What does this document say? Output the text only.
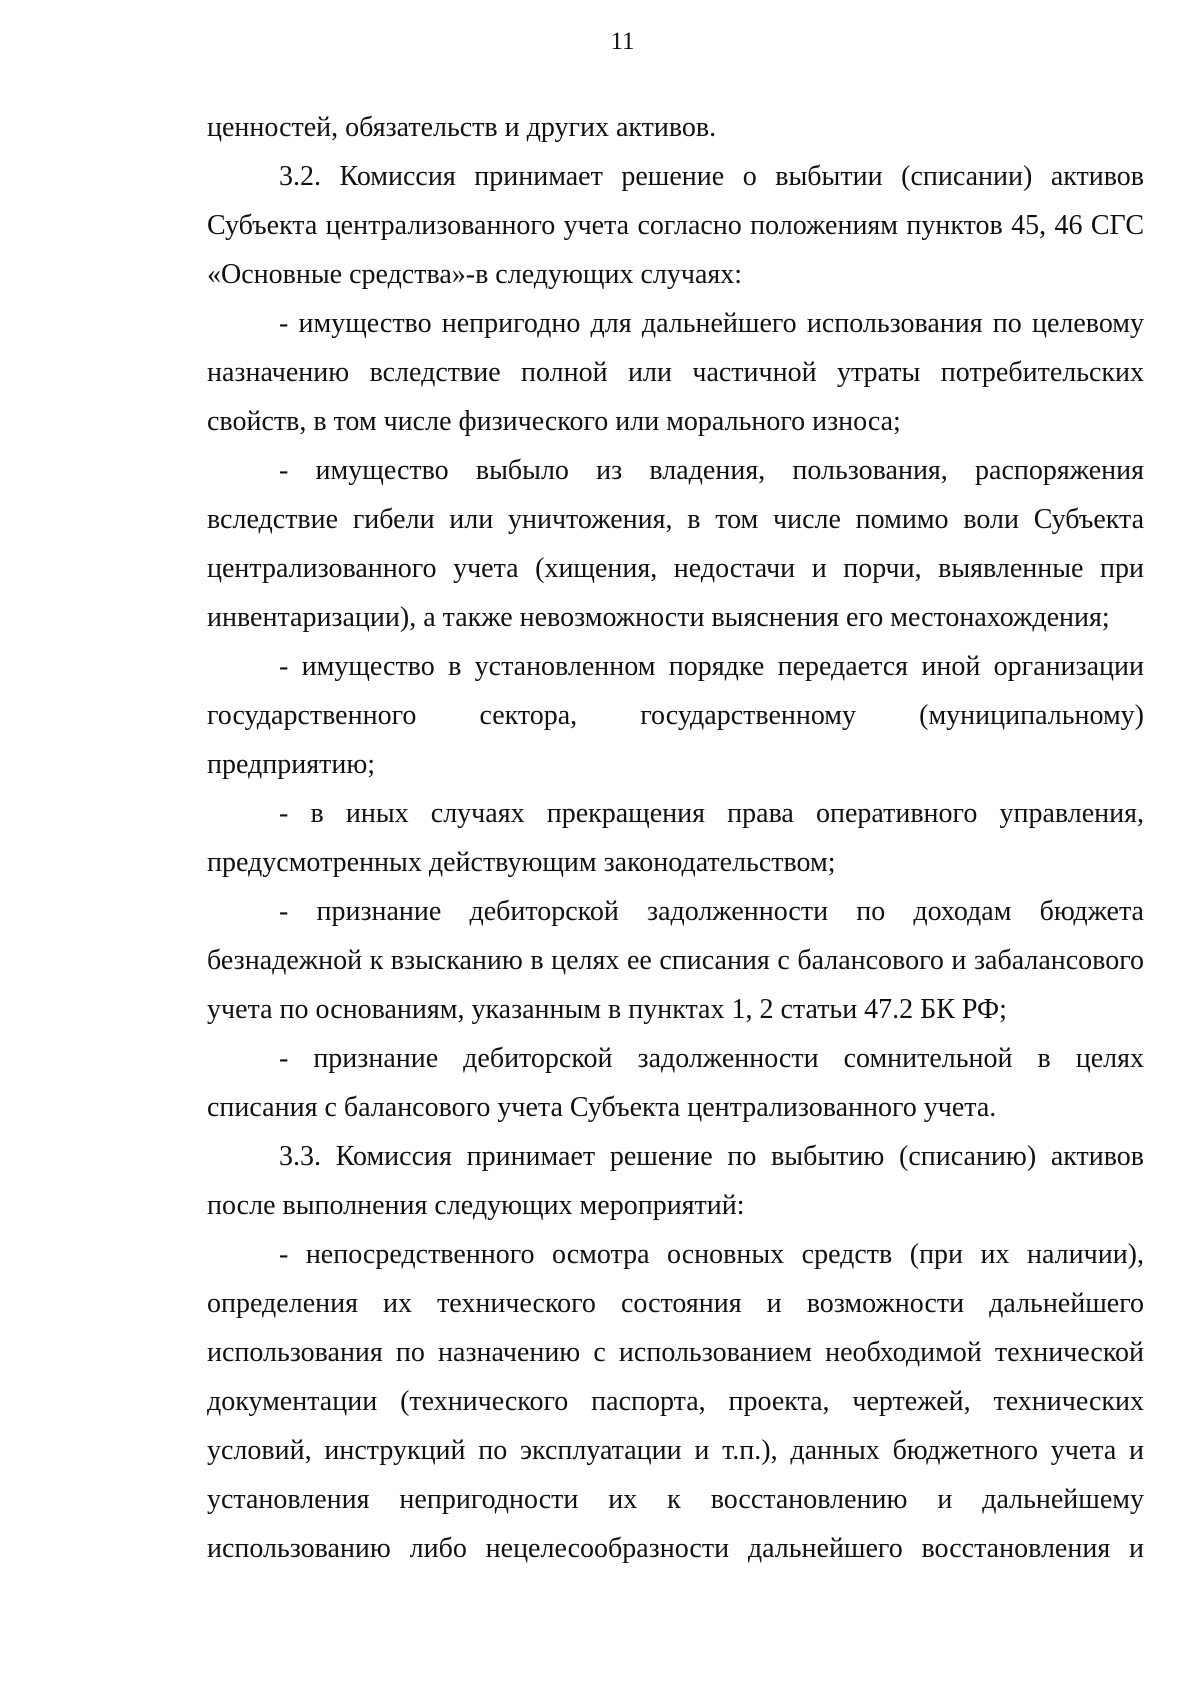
11

ценностей, обязательств и других активов.

3.2. Комиссия принимает решение о выбытии (списании) активов Субъекта централизованного учета согласно положениям пунктов 45, 46 СГС «Основные средства»-в следующих случаях:

- имущество непригодно для дальнейшего использования по целевому назначению вследствие полной или частичной утраты потребительских свойств, в том числе физического или морального износа;

- имущество выбыло из владения, пользования, распоряжения вследствие гибели или уничтожения, в том числе помимо воли Субъекта централизованного учета (хищения, недостачи и порчи, выявленные при инвентаризации), а также невозможности выяснения его местонахождения;

- имущество в установленном порядке передается иной организации государственного сектора, государственному (муниципальному) предприятию;

- в иных случаях прекращения права оперативного управления, предусмотренных действующим законодательством;

- признание дебиторской задолженности по доходам бюджета безнадежной к взысканию в целях ее списания с балансового и забалансового учета по основаниям, указанным в пунктах 1, 2 статьи 47.2 БК РФ;

- признание дебиторской задолженности сомнительной в целях списания с балансового учета Субъекта централизованного учета.

3.3. Комиссия принимает решение по выбытию (списанию) активов после выполнения следующих мероприятий:

- непосредственного осмотра основных средств (при их наличии), определения их технического состояния и возможности дальнейшего использования по назначению с использованием необходимой технической документации (технического паспорта, проекта, чертежей, технических условий, инструкций по эксплуатации и т.п.), данных бюджетного учета и установления непригодности их к восстановлению и дальнейшему использованию либо нецелесообразности дальнейшего восстановления и
